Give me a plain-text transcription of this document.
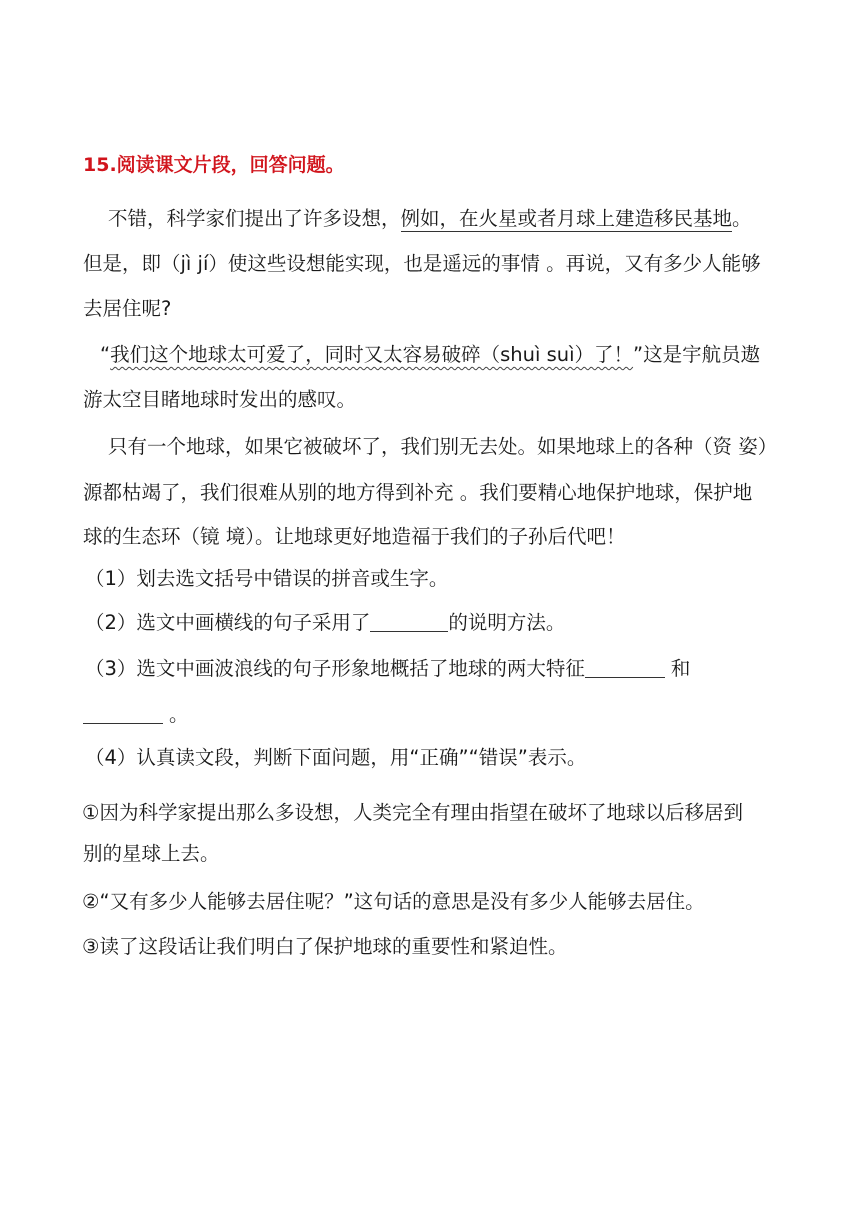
15.阅读课文片段，回答问题。
不错，科学家们提出了许多设想，例如，在火星或者月球上建造移民基地。
但是，即（jì jí）使这些设想能实现，也是遥远的事情 。再说，又有多少人能够
去居住呢?
“我们这个地球太可爱了，同时又太容易破碎（shuì suì）了！”这是宇航员遨
游太空目睹地球时发出的感叹。
只有一个地球，如果它被破坏了，我们别无去处。如果地球上的各种（资 姿）
源都枯竭了，我们很难从别的地方得到补充 。我们要精心地保护地球，保护地
球的生态环（镜 境）。让地球更好地造福于我们的子孙后代吧！
（1）划去选文括号中错误的拼音或生字。
（2）选文中画横线的句子采用了	的说明方法。
（3）选文中画波浪线的句子形象地概括了地球的两大特征	和
。
（4）认真读文段，判断下面问题，用“正确”“错误”表示。
①因为科学家提出那么多设想，人类完全有理由指望在破坏了地球以后移居到
别的星球上去。
②“又有多少人能够去居住呢？”这句话的意思是没有多少人能够去居住。
③读了这段话让我们明白了保护地球的重要性和紧迫性。
